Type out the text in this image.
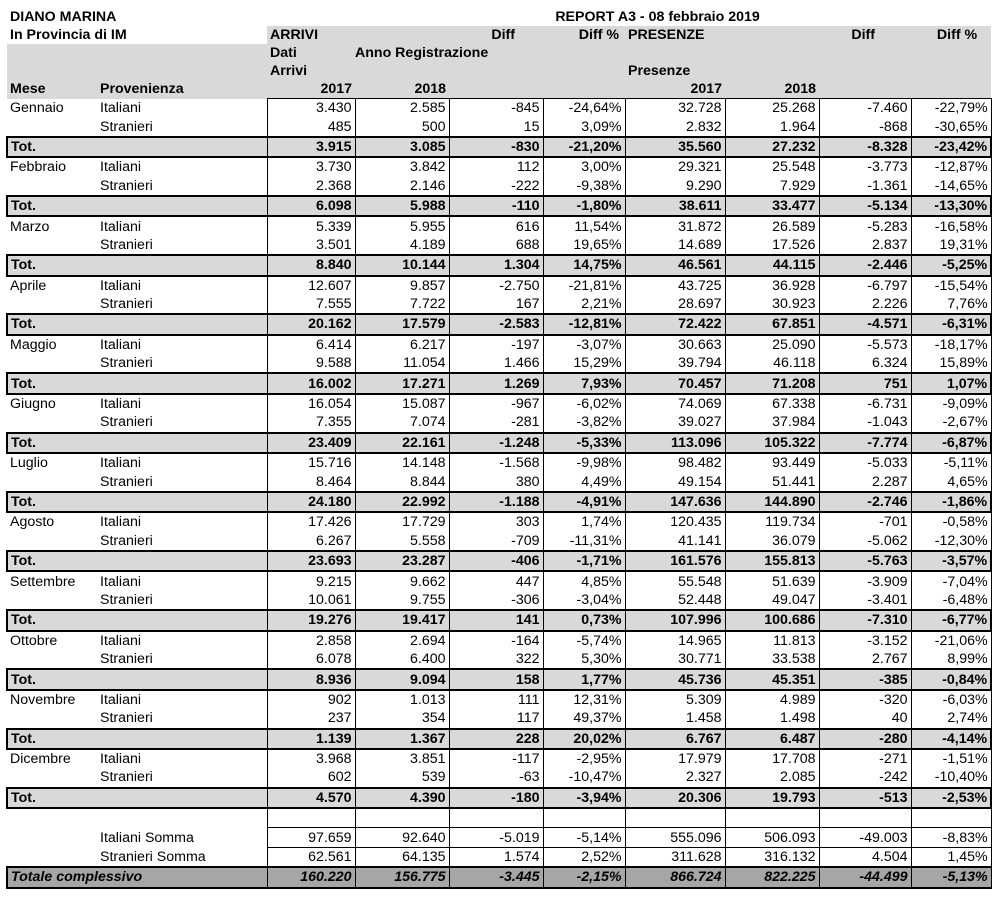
DIANO MARINA		REPORT A3 - 08 febbraio 2019							
In Provincia di IM		ARRIVI		Diff	Diff %	PRESENZE		Diff	Diff %
		Dati	Anno Registrazione						
		Arrivi				Presenze			
Mese	Provenienza	2017	2018			2017	2018		
Gennaio	Italiani	3.430	2.585	-845	-24,64%	32.728	25.268	-7.460	-22,79%
	Stranieri	485	500	15	3,09%	2.832	1.964	-868	-30,65%
Tot.		3.915	3.085	-830	-21,20%	35.560	27.232	-8.328	-23,42%
Febbraio	Italiani	3.730	3.842	112	3,00%	29.321	25.548	-3.773	-12,87%
	Stranieri	2.368	2.146	-222	-9,38%	9.290	7.929	-1.361	-14,65%
Tot.		6.098	5.988	-110	-1,80%	38.611	33.477	-5.134	-13,30%
Marzo	Italiani	5.339	5.955	616	11,54%	31.872	26.589	-5.283	-16,58%
	Stranieri	3.501	4.189	688	19,65%	14.689	17.526	2.837	19,31%
Tot.		8.840	10.144	1.304	14,75%	46.561	44.115	-2.446	-5,25%
Aprile	Italiani	12.607	9.857	-2.750	-21,81%	43.725	36.928	-6.797	-15,54%
	Stranieri	7.555	7.722	167	2,21%	28.697	30.923	2.226	7,76%
Tot.		20.162	17.579	-2.583	-12,81%	72.422	67.851	-4.571	-6,31%
Maggio	Italiani	6.414	6.217	-197	-3,07%	30.663	25.090	-5.573	-18,17%
	Stranieri	9.588	11.054	1.466	15,29%	39.794	46.118	6.324	15,89%
Tot.		16.002	17.271	1.269	7,93%	70.457	71.208	751	1,07%
Giugno	Italiani	16.054	15.087	-967	-6,02%	74.069	67.338	-6.731	-9,09%
	Stranieri	7.355	7.074	-281	-3,82%	39.027	37.984	-1.043	-2,67%
Tot.		23.409	22.161	-1.248	-5,33%	113.096	105.322	-7.774	-6,87%
Luglio	Italiani	15.716	14.148	-1.568	-9,98%	98.482	93.449	-5.033	-5,11%
	Stranieri	8.464	8.844	380	4,49%	49.154	51.441	2.287	4,65%
Tot.		24.180	22.992	-1.188	-4,91%	147.636	144.890	-2.746	-1,86%
Agosto	Italiani	17.426	17.729	303	1,74%	120.435	119.734	-701	-0,58%
	Stranieri	6.267	5.558	-709	-11,31%	41.141	36.079	-5.062	-12,30%
Tot.		23.693	23.287	-406	-1,71%	161.576	155.813	-5.763	-3,57%
Settembre	Italiani	9.215	9.662	447	4,85%	55.548	51.639	-3.909	-7,04%
	Stranieri	10.061	9.755	-306	-3,04%	52.448	49.047	-3.401	-6,48%
Tot.		19.276	19.417	141	0,73%	107.996	100.686	-7.310	-6,77%
Ottobre	Italiani	2.858	2.694	-164	-5,74%	14.965	11.813	-3.152	-21,06%
	Stranieri	6.078	6.400	322	5,30%	30.771	33.538	2.767	8,99%
Tot.		8.936	9.094	158	1,77%	45.736	45.351	-385	-0,84%
Novembre	Italiani	902	1.013	111	12,31%	5.309	4.989	-320	-6,03%
	Stranieri	237	354	117	49,37%	1.458	1.498	40	2,74%
Tot.		1.139	1.367	228	20,02%	6.767	6.487	-280	-4,14%
Dicembre	Italiani	3.968	3.851	-117	-2,95%	17.979	17.708	-271	-1,51%
	Stranieri	602	539	-63	-10,47%	2.327	2.085	-242	-10,40%
Tot.		4.570	4.390	-180	-3,94%	20.306	19.793	-513	-2,53%

	Italiani Somma	97.659	92.640	-5.019	-5,14%	555.096	506.093	-49.003	-8,83%
	Stranieri Somma	62.561	64.135	1.574	2,52%	311.628	316.132	4.504	1,45%
Totale complessivo		160.220	156.775	-3.445	-2,15%	866.724	822.225	-44.499	-5,13%
